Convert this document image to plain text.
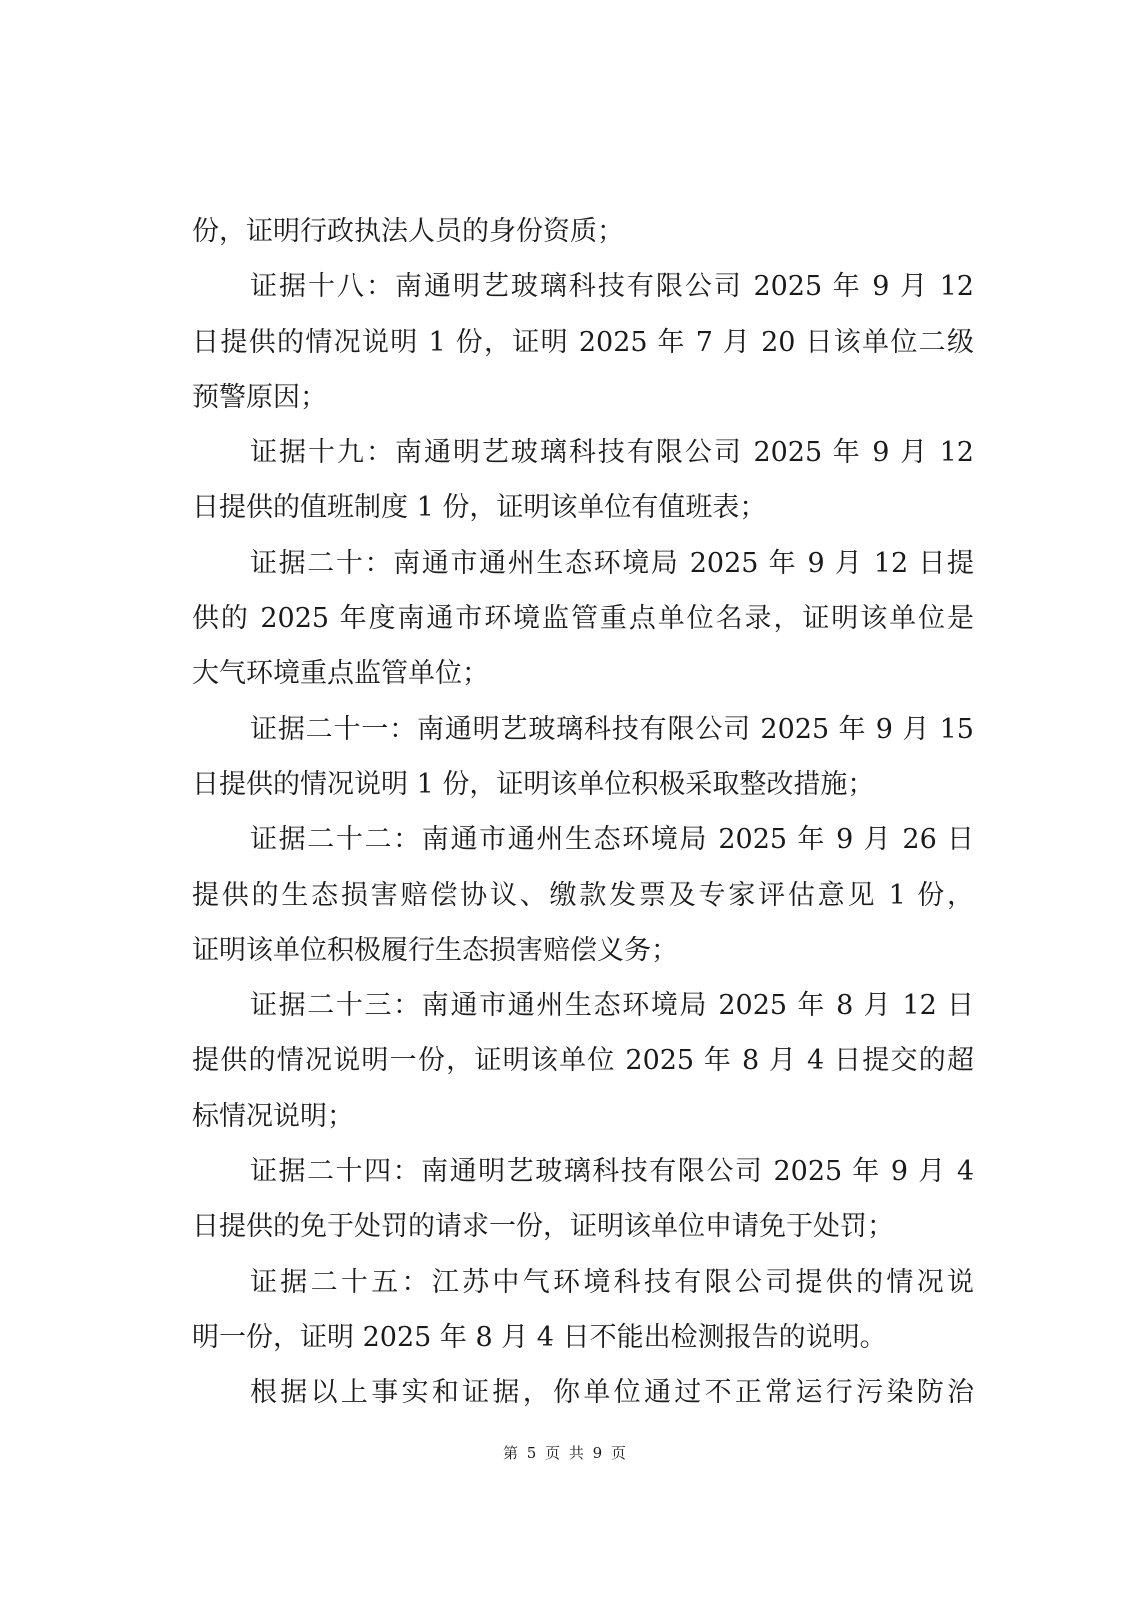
份，证明行政执法人员的身份资质；
证据十八：南通明艺玻璃科技有限公司 2025 年 9 月 12
日提供的情况说明 1 份，证明 2025 年 7 月 20 日该单位二级
预警原因；
证据十九：南通明艺玻璃科技有限公司 2025 年 9 月 12
日提供的值班制度 1 份，证明该单位有值班表；
证据二十：南通市通州生态环境局 2025 年 9 月 12 日提
供的 2025 年度南通市环境监管重点单位名录，证明该单位是
大气环境重点监管单位；
证据二十一：南通明艺玻璃科技有限公司 2025 年 9 月 15
日提供的情况说明 1 份，证明该单位积极采取整改措施；
证据二十二：南通市通州生态环境局 2025 年 9 月 26 日
提供的生态损害赔偿协议、缴款发票及专家评估意见 1 份，
证明该单位积极履行生态损害赔偿义务；
证据二十三：南通市通州生态环境局 2025 年 8 月 12 日
提供的情况说明一份，证明该单位 2025 年 8 月 4 日提交的超
标情况说明；
证据二十四：南通明艺玻璃科技有限公司 2025 年 9 月 4
日提供的免于处罚的请求一份，证明该单位申请免于处罚；
证据二十五：江苏中气环境科技有限公司提供的情况说
明一份，证明 2025 年 8 月 4 日不能出检测报告的说明。
根据以上事实和证据，你单位通过不正常运行污染防治
第 5 页 共 9 页
